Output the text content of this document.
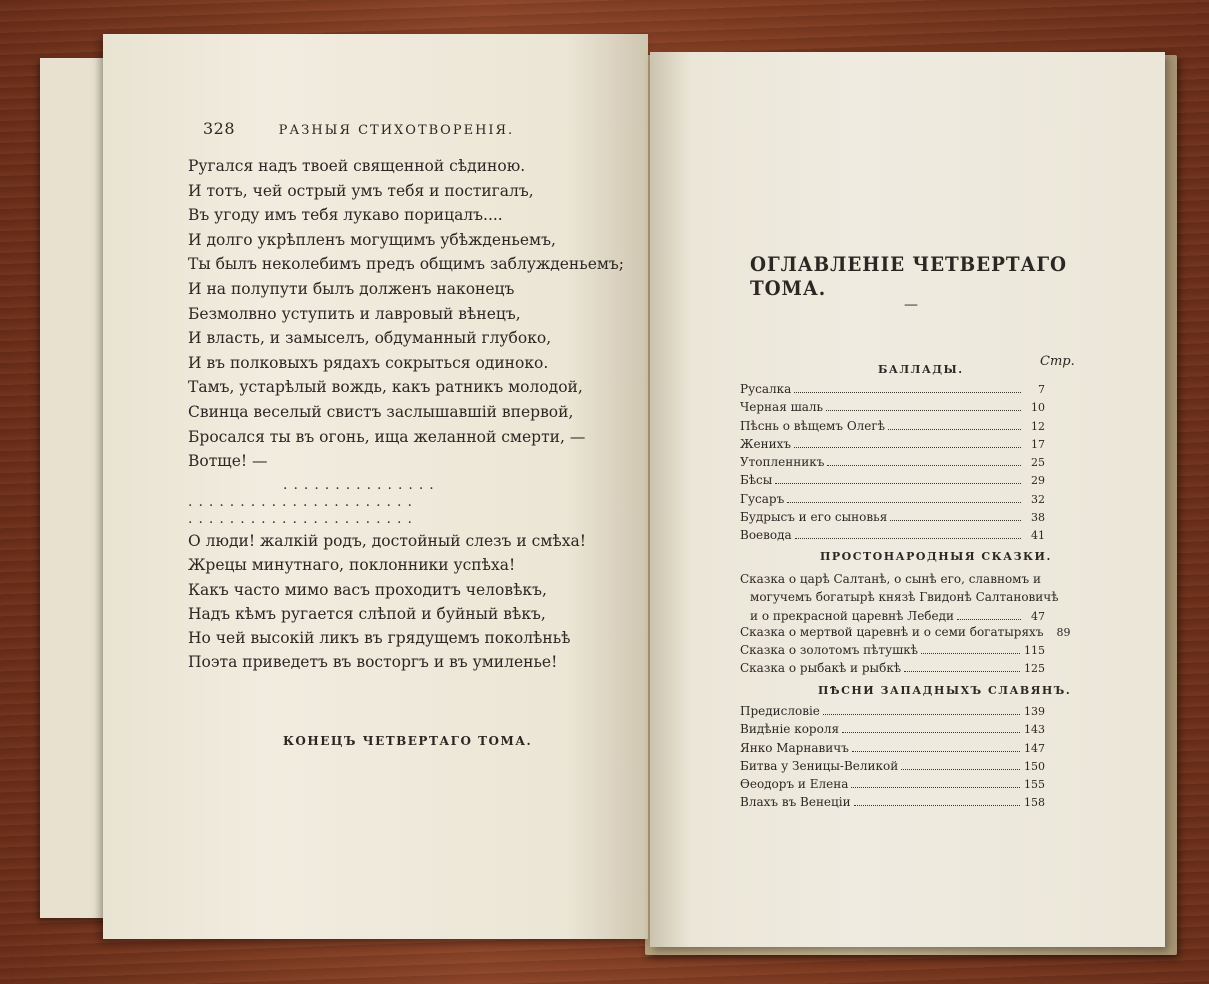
328	РАЗНЫЯ СТИХОТВОРЕНІЯ.
Ругался надъ твоей священной сѣдиною.
И тотъ, чей острый умъ тебя и постигалъ,
Въ угоду имъ тебя лукаво порицалъ....
И долго укрѣпленъ могущимъ убѣжденьемъ,
Ты былъ неколебимъ предъ общимъ заблужденьемъ;
И на полупути былъ долженъ наконецъ
Безмолвно уступить и лавровый вѣнецъ,
И власть, и замыселъ, обдуманный глубоко,
И въ полковыхъ рядахъ сокрыться одиноко.
Тамъ, устарѣлый вождь, какъ ратникъ молодой,
Свинца веселый свистъ заслышавшій впервой,
Бросался ты въ огонь, ища желанной смерти, —
Вотще! —
...............
......................
......................
О люди! жалкій родъ, достойный слезъ и смѣха!
Жрецы минутнаго, поклонники успѣха!
Какъ часто мимо васъ проходитъ человѣкъ,
Надъ кѣмъ ругается слѣпой и буйный вѣкъ,
Но чей высокій ликъ въ грядущемъ поколѣньѣ
Поэта приведетъ въ восторгъ и въ умиленье!
КОНЕЦЪ ЧЕТВЕРТАГО ТОМА.
ОГЛАВЛЕНІЕ ЧЕТВЕРТАГО ТОМА.
—
Стр.
БАЛЛАДЫ.
Русалка	7
Черная шаль	10
Пѣснь о вѣщемъ Олегѣ	12
Женихъ	17
Утопленникъ	25
Бѣсы	29
Гусаръ	32
Будрысъ и его сыновья	38
Воевода	41
ПРОСТОНАРОДНЫЯ СКАЗКИ.
Сказка о царѣ Салтанѣ, о сынѣ его, славномъ и
могучемъ богатырѣ князѣ Гвидонѣ Салтановичѣ
и о прекрасной царевнѣ Лебеди	47
Сказка о мертвой царевнѣ и о семи богатыряхъ	89
Сказка о золотомъ пѣтушкѣ	115
Сказка о рыбакѣ и рыбкѣ	125
ПѢСНИ ЗАПАДНЫХЪ СЛАВЯНЪ.
Предисловіе	139
Видѣніе короля	143
Янко Марнавичъ	147
Битва у Зеницы-Великой	150
Ѳеодоръ и Елена	155
Влахъ въ Венеціи	158
